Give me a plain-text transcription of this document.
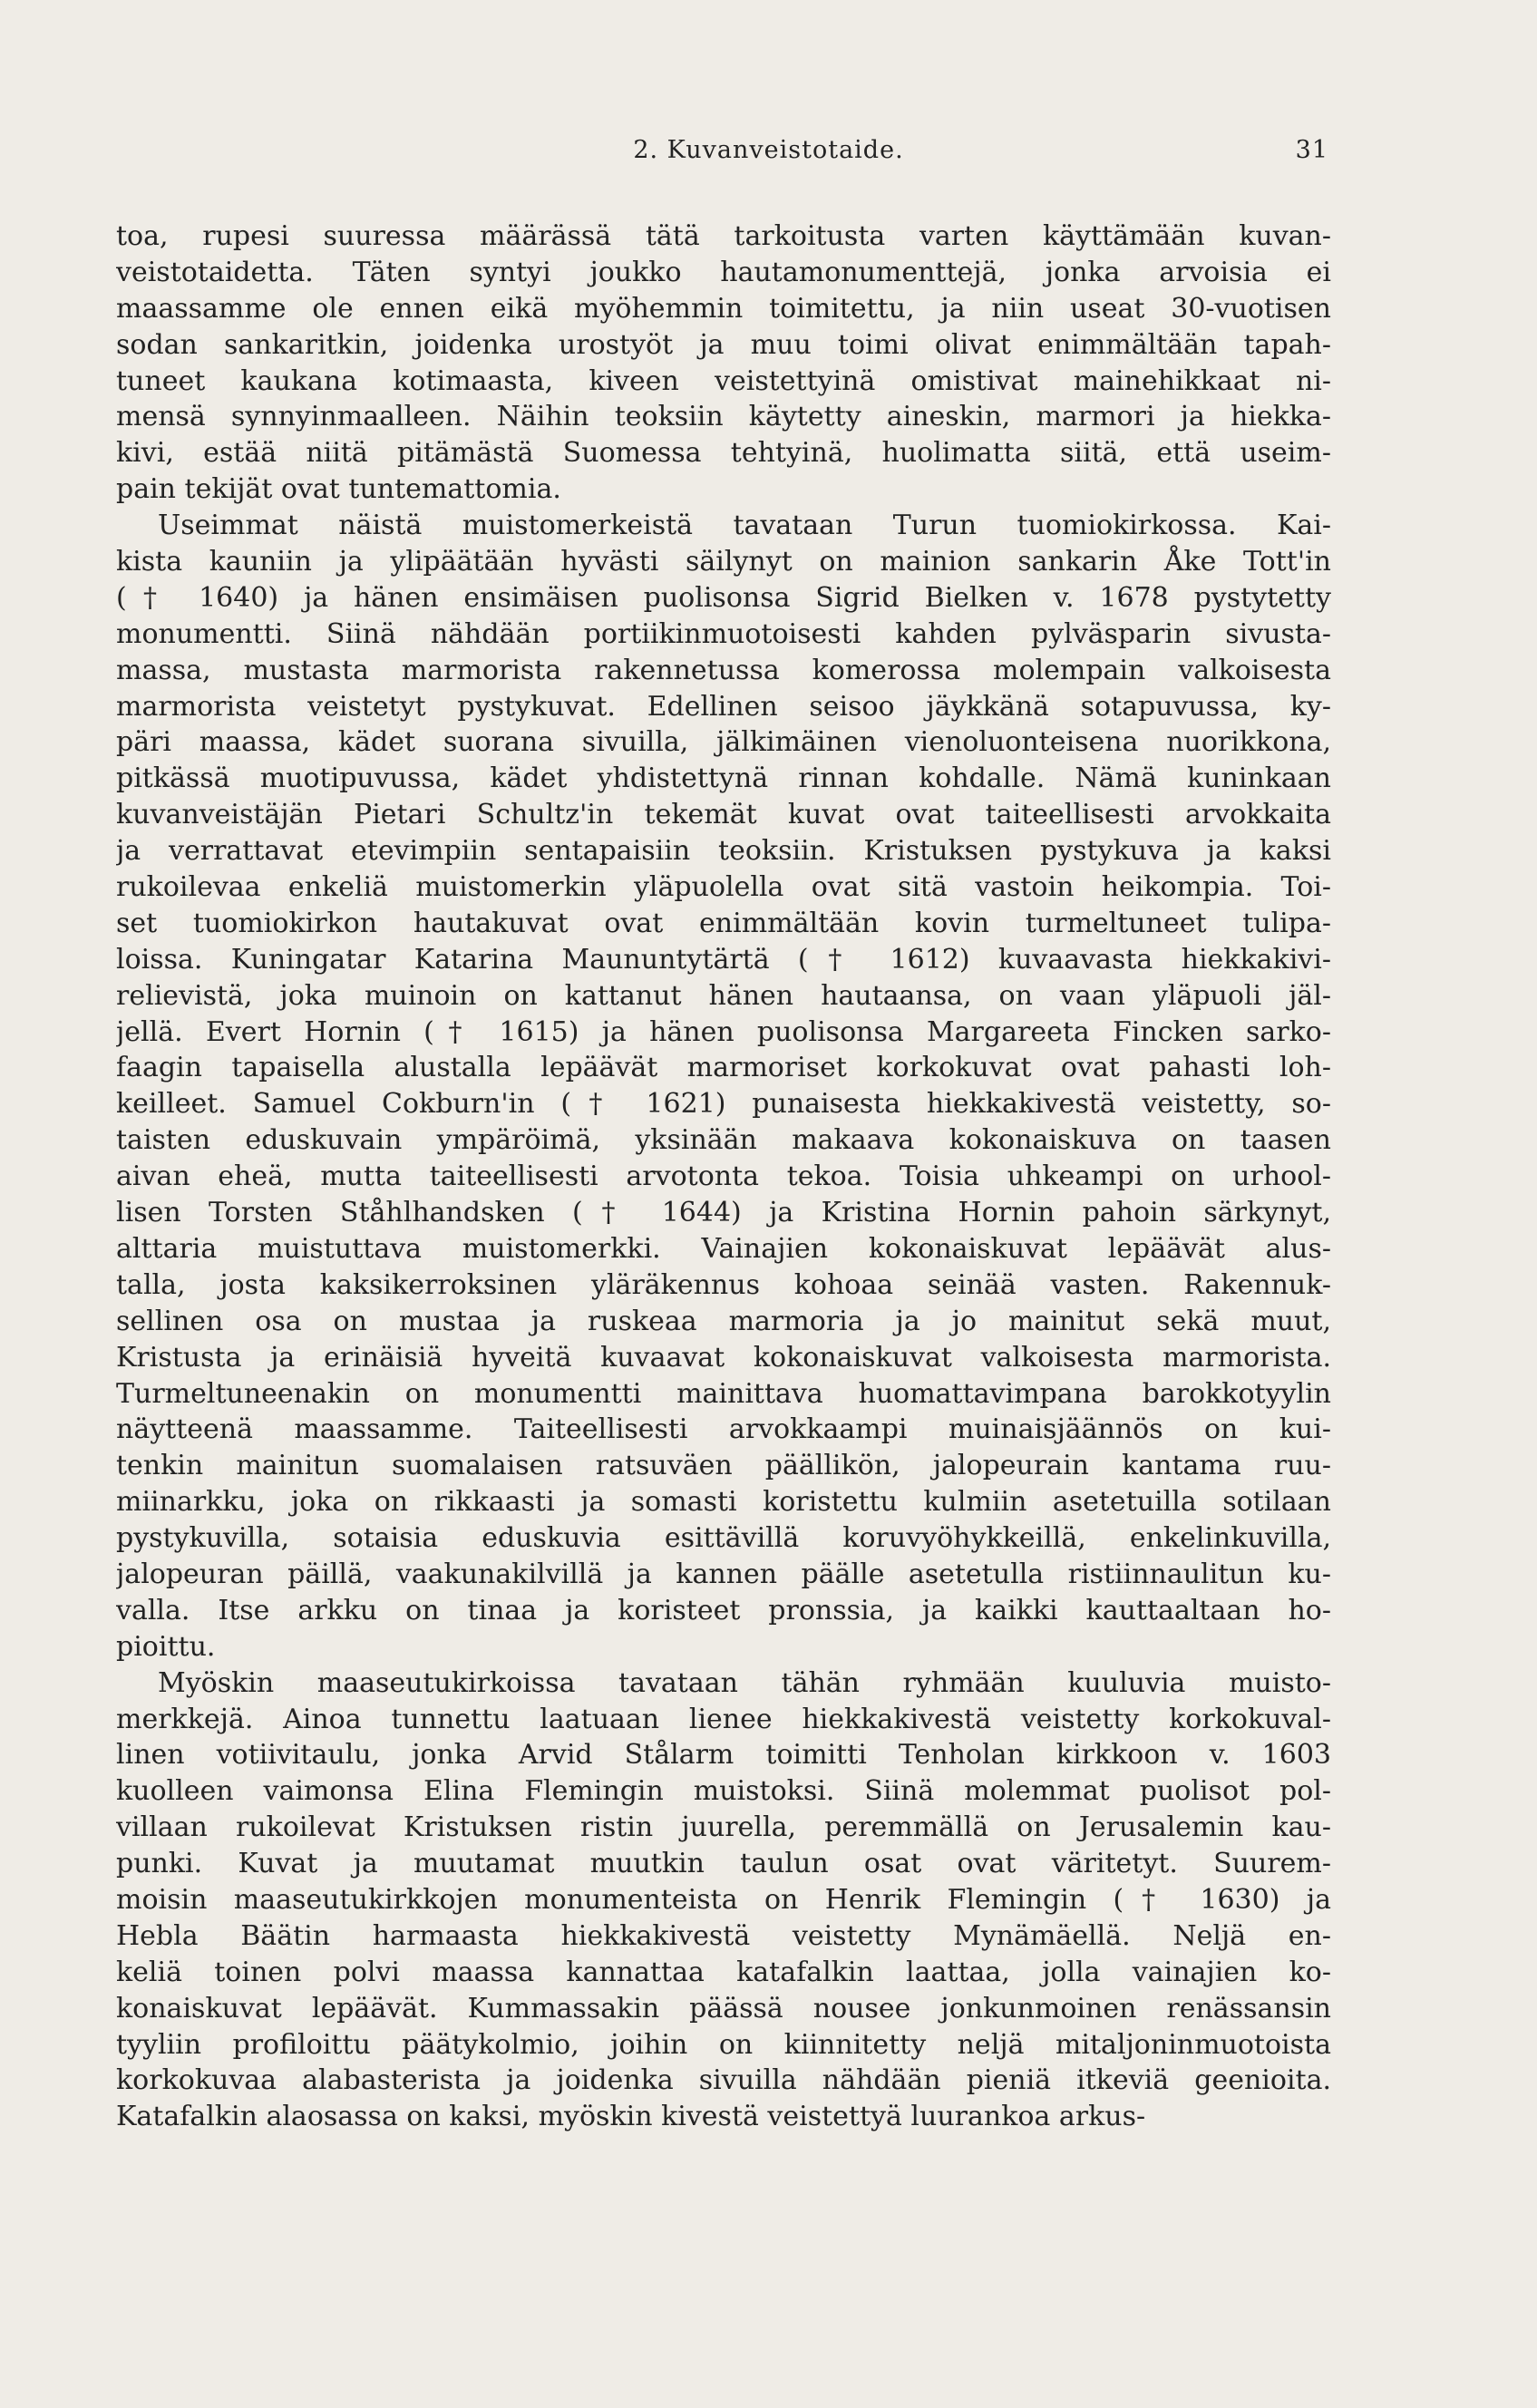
2. Kuvanveistotaide.	31
toa, rupesi suuressa määrässä tätä tarkoitusta varten käyttämään kuvan-
veistotaidetta. Täten syntyi joukko hautamonumenttejä, jonka arvoisia ei
maassamme ole ennen eikä myöhemmin toimitettu, ja niin useat 30-vuotisen
sodan sankaritkin, joidenka urostyöt ja muu toimi olivat enimmältään tapah-
tuneet kaukana kotimaasta, kiveen veistettyinä omistivat mainehikkaat ni-
mensä synnyinmaalleen. Näihin teoksiin käytetty aineskin, marmori ja hiekka-
kivi, estää niitä pitämästä Suomessa tehtyinä, huolimatta siitä, että useim-
pain tekijät ovat tuntemattomia.
Useimmat näistä muistomerkeistä tavataan Turun tuomiokirkossa. Kai-
kista kauniin ja ylipäätään hyvästi säilynyt on mainion sankarin Åke Tott'in
(† 1640) ja hänen ensimäisen puolisonsa Sigrid Bielken v. 1678 pystytetty
monumentti. Siinä nähdään portiikinmuotoisesti kahden pylväsparin sivusta-
massa, mustasta marmorista rakennetussa komerossa molempain valkoisesta
marmorista veistetyt pystykuvat. Edellinen seisoo jäykkänä sotapuvussa, ky-
päri maassa, kädet suorana sivuilla, jälkimäinen vienoluonteisena nuorikkona,
pitkässä muotipuvussa, kädet yhdistettynä rinnan kohdalle. Nämä kuninkaan
kuvanveistäjän Pietari Schultz'in tekemät kuvat ovat taiteellisesti arvokkaita
ja verrattavat etevimpiin sentapaisiin teoksiin. Kristuksen pystykuva ja kaksi
rukoilevaa enkeliä muistomerkin yläpuolella ovat sitä vastoin heikompia. Toi-
set tuomiokirkon hautakuvat ovat enimmältään kovin turmeltuneet tulipa-
loissa. Kuningatar Katarina Maununtytärtä († 1612) kuvaavasta hiekkakivi-
relievistä, joka muinoin on kattanut hänen hautaansa, on vaan yläpuoli jäl-
jellä. Evert Hornin († 1615) ja hänen puolisonsa Margareeta Fincken sarko-
faagin tapaisella alustalla lepäävät marmoriset korkokuvat ovat pahasti loh-
keilleet. Samuel Cokburn'in († 1621) punaisesta hiekkakivestä veistetty, so-
taisten eduskuvain ympäröimä, yksinään makaava kokonaiskuva on taasen
aivan eheä, mutta taiteellisesti arvotonta tekoa. Toisia uhkeampi on urhool-
lisen Torsten Ståhlhandsken († 1644) ja Kristina Hornin pahoin särkynyt,
alttaria muistuttava muistomerkki. Vainajien kokonaiskuvat lepäävät alus-
talla, josta kaksikerroksinen yläräkennus kohoaa seinää vasten. Rakennuk-
sellinen osa on mustaa ja ruskeaa marmoria ja jo mainitut sekä muut,
Kristusta ja erinäisiä hyveitä kuvaavat kokonaiskuvat valkoisesta marmorista.
Turmeltuneenakin on monumentti mainittava huomattavimpana barokkotyylin
näytteenä maassamme. Taiteellisesti arvokkaampi muinaisjäännös on kui-
tenkin mainitun suomalaisen ratsuväen päällikön, jalopeurain kantama ruu-
miinarkku, joka on rikkaasti ja somasti koristettu kulmiin asetetuilla sotilaan
pystykuvilla, sotaisia eduskuvia esittävillä koruvyöhykkeillä, enkelinkuvilla,
jalopeuran päillä, vaakunakilvillä ja kannen päälle asetetulla ristiinnaulitun ku-
valla. Itse arkku on tinaa ja koristeet pronssia, ja kaikki kauttaaltaan ho-
pioittu.
Myöskin maaseutukirkoissa tavataan tähän ryhmään kuuluvia muisto-
merkkejä. Ainoa tunnettu laatuaan lienee hiekkakivestä veistetty korkokuval-
linen votiivitaulu, jonka Arvid Stålarm toimitti Tenholan kirkkoon v. 1603
kuolleen vaimonsa Elina Flemingin muistoksi. Siinä molemmat puolisot pol-
villaan rukoilevat Kristuksen ristin juurella, peremmällä on Jerusalemin kau-
punki. Kuvat ja muutamat muutkin taulun osat ovat väritetyt. Suurem-
moisin maaseutukirkkojen monumenteista on Henrik Flemingin († 1630) ja
Hebla Bäätin harmaasta hiekkakivestä veistetty Mynämäellä. Neljä en-
keliä toinen polvi maassa kannattaa katafalkin laattaa, jolla vainajien ko-
konaiskuvat lepäävät. Kummassakin päässä nousee jonkunmoinen renässansin
tyyliin profiloittu päätykolmio, joihin on kiinnitetty neljä mitaljoninmuotoista
korkokuvaa alabasterista ja joidenka sivuilla nähdään pieniä itkeviä geenioita.
Katafalkin alaosassa on kaksi, myöskin kivestä veistettyä luurankoa arkus-
